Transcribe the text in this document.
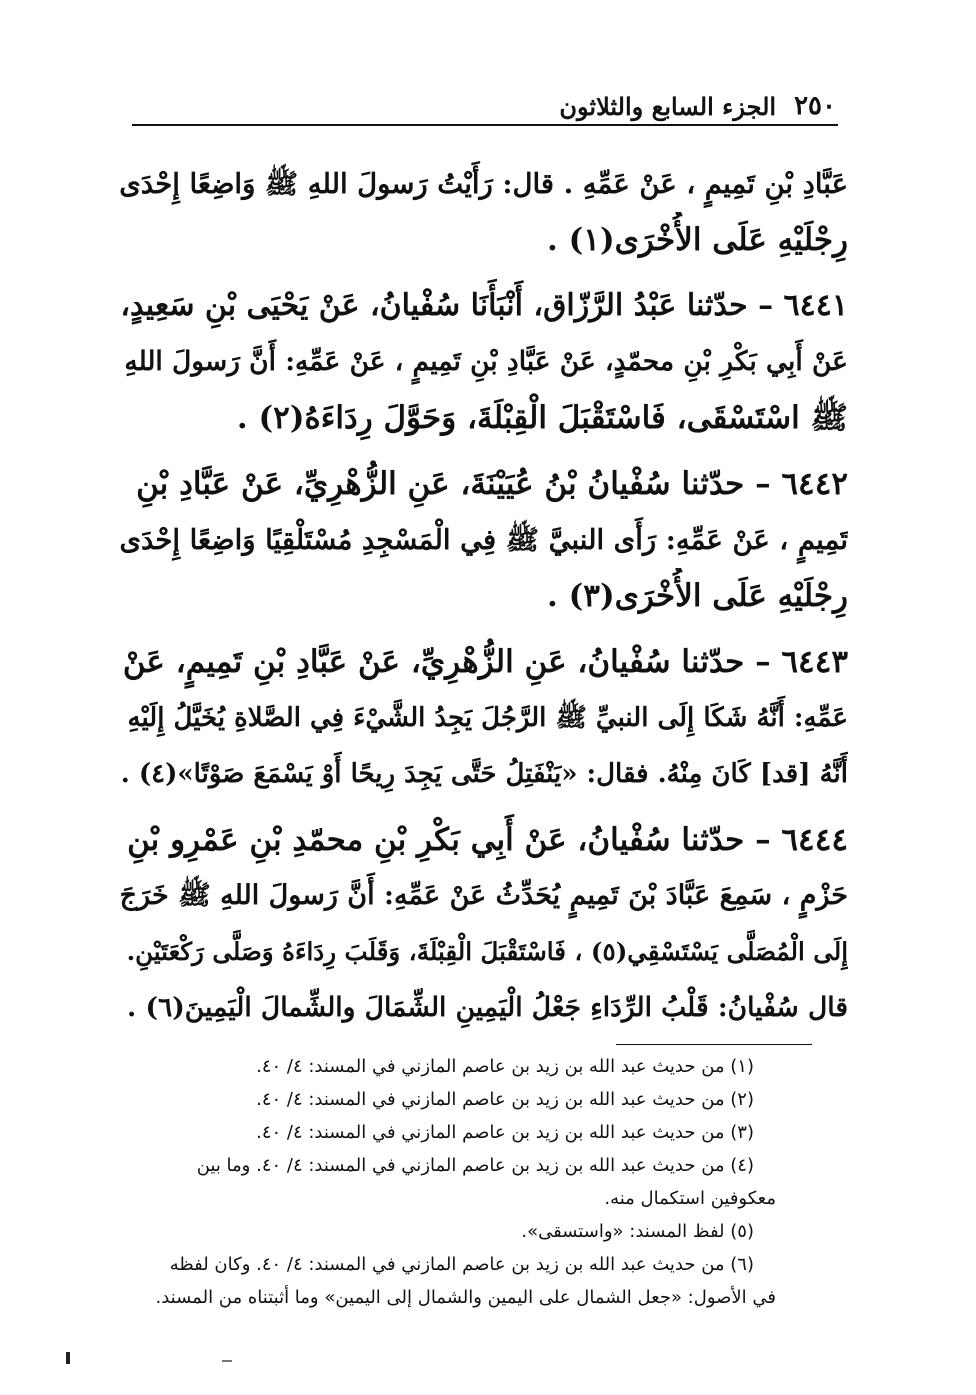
٢٥٠
الجزء السابع والثلاثون
عَبَّادِ بْنِ تَمِيمٍ ، عَنْ عَمِّهِ . قال: رَأَيْتُ رَسولَ اللهِ ﷺ وَاضِعًا إِحْدَى
رِجْلَيْهِ عَلَى الأُخْرَى(١) .
٦٤٤١ – حدّثنا عَبْدُ الرَّزّاق، أَنْبَأَنَا سُفْيانُ، عَنْ يَحْيَى بْنِ سَعِيدٍ،
عَنْ أَبِي بَكْرِ بْنِ محمّدٍ، عَنْ عَبَّادِ بْنِ تَمِيمٍ ، عَنْ عَمِّهِ: أَنَّ رَسولَ اللهِ
ﷺ اسْتَسْقَى، فَاسْتَقْبَلَ الْقِبْلَةَ، وَحَوَّلَ رِدَاءَهُ(٢) .
٦٤٤٢ – حدّثنا سُفْيانُ بْنُ عُيَيْنَةَ، عَنِ الزُّهْرِيِّ، عَنْ عَبَّادِ بْنِ
تَمِيمٍ ، عَنْ عَمِّهِ: رَأَى النبيَّ ﷺ فِي الْمَسْجِدِ مُسْتَلْقِيًا وَاضِعًا إِحْدَى
رِجْلَيْهِ عَلَى الأُخْرَى(٣) .
٦٤٤٣ – حدّثنا سُفْيانُ، عَنِ الزُّهْرِيِّ، عَنْ عَبَّادِ بْنِ تَمِيمٍ، عَنْ
عَمِّهِ: أَنَّهُ شَكَا إِلَى النبيِّ ﷺ الرَّجُلَ يَجِدُ الشَّيْءَ فِي الصَّلاةِ يُخَيَّلُ إِلَيْهِ
أَنَّهُ [قد] كَانَ مِنْهُ. فقال: «يَنْفَتِلُ حَتَّى يَجِدَ رِيحًا أَوْ يَسْمَعَ صَوْتًا»(٤) .
٦٤٤٤ – حدّثنا سُفْيانُ، عَنْ أَبِي بَكْرِ بْنِ محمّدِ بْنِ عَمْرِو بْنِ
حَزْمٍ ، سَمِعَ عَبَّادَ بْنَ تَمِيمٍ يُحَدِّثُ عَنْ عَمِّهِ: أَنَّ رَسولَ اللهِ ﷺ خَرَجَ
إِلَى الْمُصَلَّى يَسْتَسْقِي(٥) ، فَاسْتَقْبَلَ الْقِبْلَةَ، وَقَلَبَ رِدَاءَهُ وَصَلَّى رَكْعَتَيْنِ.
قال سُفْيانُ: قَلْبُ الرِّدَاءِ جَعْلُ الْيَمِينِ الشِّمَالَ والشِّمالَ الْيَمِينَ(٦) .
(١) من حديث عبد الله بن زيد بن عاصم المازني في المسند: ٤/ ٤٠.
(٢) من حديث عبد الله بن زيد بن عاصم المازني في المسند: ٤/ ٤٠.
(٣) من حديث عبد الله بن زيد بن عاصم المازني في المسند: ٤/ ٤٠.
(٤) من حديث عبد الله بن زيد بن عاصم المازني في المسند: ٤/ ٤٠. وما بين
معكوفين استكمال منه.
(٥) لفظ المسند: «واستسقى».
(٦) من حديث عبد الله بن زيد بن عاصم المازني في المسند: ٤/ ٤٠. وكان لفظه
في الأصول: «جعل الشمال على اليمين والشمال إلى اليمين» وما أثبتناه من المسند.
